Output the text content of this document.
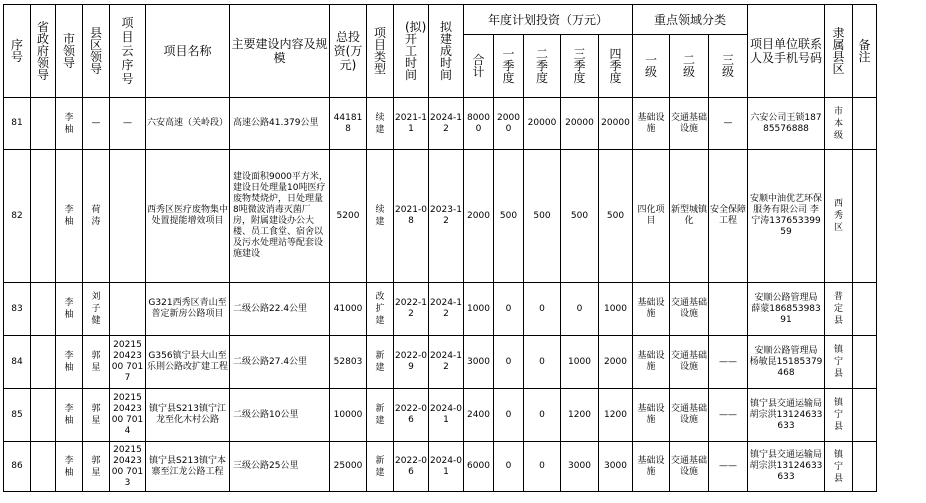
序号	省政府领导	市领导	县区领导	项目云序号	项目名称	主要建设内容及规模	总投资(万元)	项目类型	(拟)开工时间	拟建成时间	年度计划投资（万元）					重点领域分类			项目单位联系人及手机号码	隶属县区	备注
											合计	一季度	二季度	三季度	四季度	一级	二级	三级			
81		李柚	—	—	六安高速（关岭段）	高速公路41.379公里	441818	续建	2021-11	2024-12	80000	20000	20000	20000	20000	基础设施	交通基础设施	—	六安公司王锁18785576888	市本级	
82		李柚	荷涛		西秀区医疗废物集中处置提能增效项目	建设面积9000平方米，建设日处理量10吨医疗废物焚烧炉，日处理量8吨微波消毒灭菌厂房，附属建设办公大楼、员工食堂、宿舍以及污水处理站等配套设施建设	5200	续建	2021-08	2023-12	2000	500	500	500	500	四化项目	新型城镇化	安全保障工程	安顺中油优艺环保服务有限公司 李宁涛13765339959	西秀区	
83		李柚	刘子健		G321西秀区青山至普定新房公路项目	二级公路22.4公里	41000	改扩建	2022-12	2024-12	1000	0	0	0	1000	基础设施	交通基础设施		安顺公路管理局 薛蒙18685398391	普定县	
84		李柚	郭星	202152042300 7017	G356镇宁县大山至乐則公路改扩建工程	二级公路27.4公里	52803	新建	2022-09	2024-12	3000	0	0	1000	2000	基础设施	交通基础设施	——	安顺公路管理局 杨敏昆15185379468	镇宁县	
85		李柚	郭星	202152042300 7014	镇宁县S213镇宁江龙至化木村公路	二级公路10公里	10000	新建	2022-06	2024-01	2400	0	0	1200	1200	基础设施	交通基础设施	——	镇宁县交通运输局 胡宗洪13124633633	镇宁县	
86		李柚	郭星	202152042300 7013	镇宁县S213镇宁本寨至江龙公路工程	三级公路25公里	25000	新建	2022-06	2024-01	6000	0	0	3000	3000	基础设施	交通基础设施	——	镇宁县交通运输局 胡宗洪13124633633	镇宁县	
